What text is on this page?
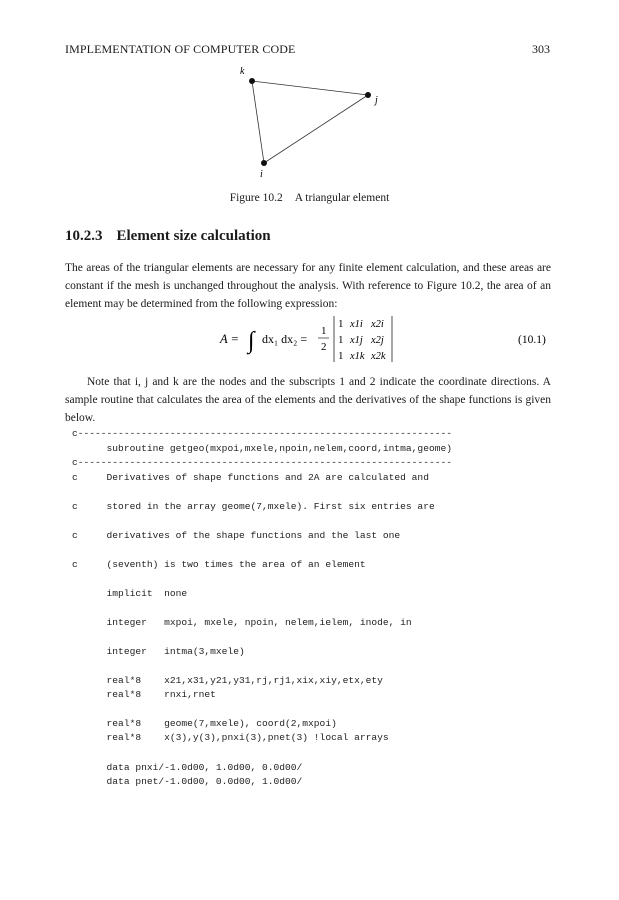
IMPLEMENTATION OF COMPUTER CODE	303
k
j
i
Figure 10.2 A triangular element
10.2.3 Element size calculation
The areas of the triangular elements are necessary for any finite element calculation, and these areas are constant if the mesh is unchanged throughout the analysis. With reference to Figure 10.2, the area of an element may be determined from the following expression:
A = ∫ dx₁ dx₂ =
1
2
1 x1i x2i
1 x1j x2j
1 x1k x2k
(10.1)
Note that i, j and k are the nodes and the subscripts 1 and 2 indicate the coordinate directions. A sample routine that calculates the area of the elements and the derivatives of the shape functions is given below.
c-----------------------------------------------------------------
subroutine getgeo(mxpoi,mxele,npoin,nelem,coord,intma,geome)
c-----------------------------------------------------------------
c     Derivatives of shape functions and 2A are calculated and
c     stored in the array geome(7,mxele). First six entries are
c     derivatives of the shape functions and the last one
c     (seventh) is two times the area of an element
implicit  none
integer   mxpoi, mxele, npoin, nelem,ielem, inode, in
integer   intma(3,mxele)
real*8    x21,x31,y21,y31,rj,rj1,xix,xiy,etx,ety
real*8    rnxi,rnet
real*8    geome(7,mxele), coord(2,mxpoi)
real*8    x(3),y(3),pnxi(3),pnet(3) !local arrays
data pnxi/-1.0d00, 1.0d00, 0.0d00/
data pnet/-1.0d00, 0.0d00, 1.0d00/
